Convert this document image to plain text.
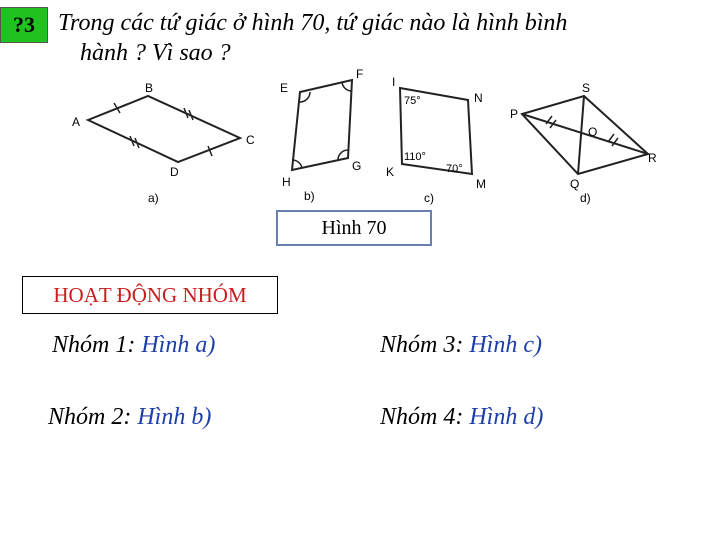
?3 Trong các tứ giác ở hình 70, tứ giác nào là hình bình
hành ? Vì sao ?

A
B
C
D
a)
E
F
G
H
b)
I
N
M
K
75°
110°
70°
c)
S
P
R
Q
O
d)
Hình 70
HOẠT ĐỘNG NHÓM
Nhóm 1: Hình a)
Nhóm 2: Hình b)
Nhóm 3: Hình c)
Nhóm 4: Hình d)
